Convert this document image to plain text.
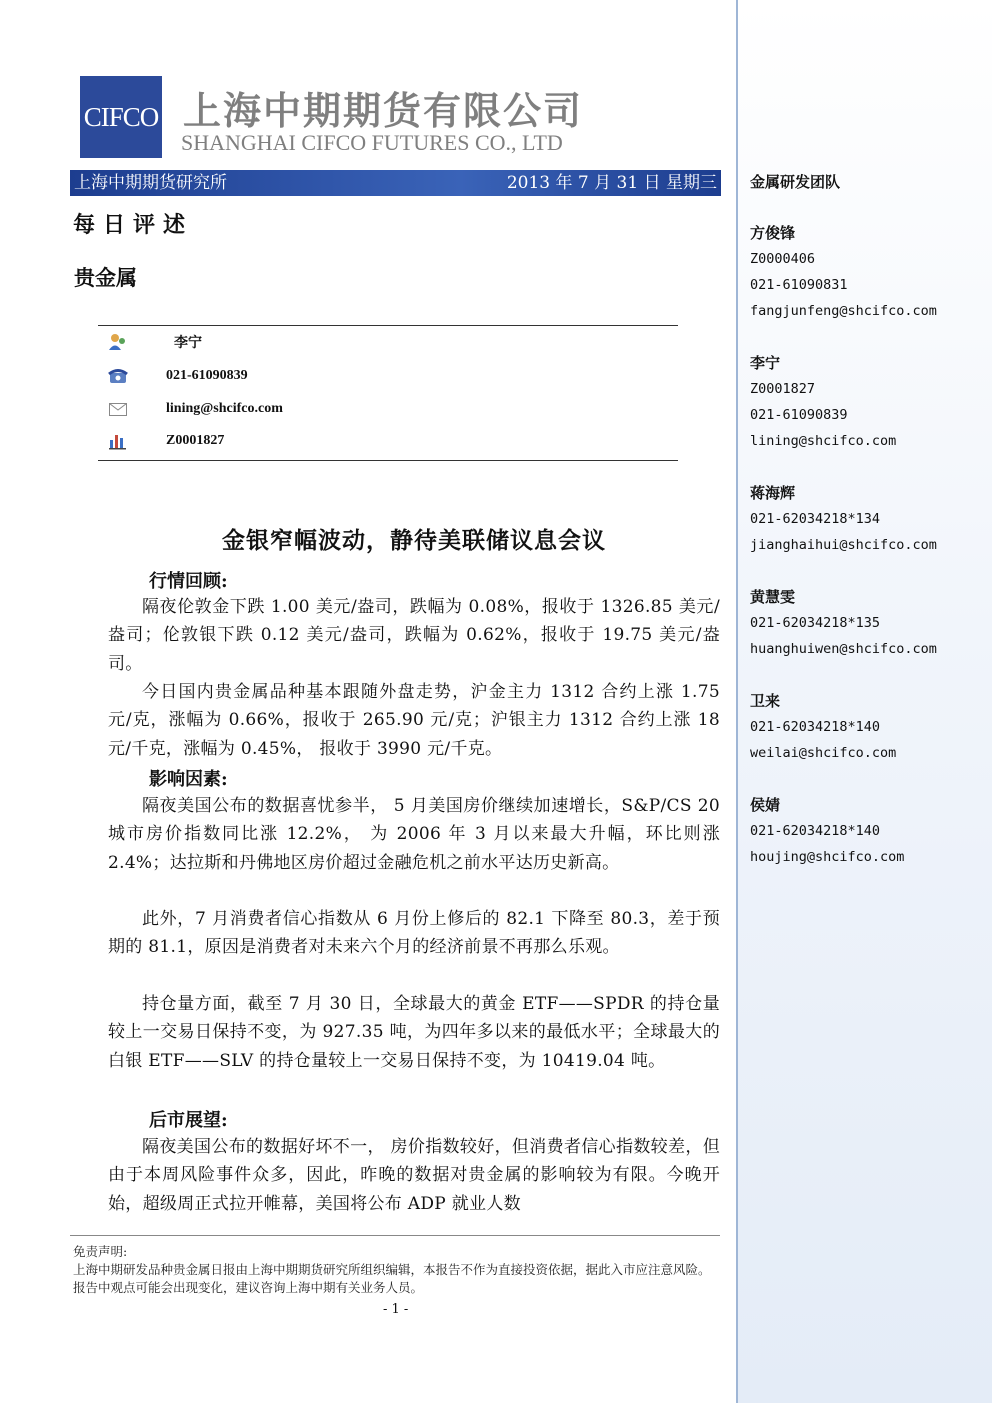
CIFCO 上海中期期货有限公司
SHANGHAI CIFCO FUTURES CO., LTD
上海中期期货研究所	2013 年 7 月 31 日 星期三
每日评述
贵金属
李宁
021-61090839
lining@shcifco.com
Z0001827
金银窄幅波动，静待美联储议息会议
行情回顾:
隔夜伦敦金下跌 1.00 美元/盎司，跌幅为 0.08%，报收于 1326.85 美元/盎司；伦敦银下跌 0.12 美元/盎司，跌幅为 0.62%，报收于 19.75 美元/盎司。
今日国内贵金属品种基本跟随外盘走势，沪金主力 1312 合约上涨 1.75 元/克，涨幅为 0.66%，报收于 265.90 元/克；沪银主力 1312 合约上涨 18 元/千克，涨幅为 0.45%， 报收于 3990 元/千克。
影响因素:
隔夜美国公布的数据喜忧参半， 5 月美国房价继续加速增长，S&P/CS 20 城市房价指数同比涨 12.2%， 为 2006 年 3 月以来最大升幅，环比则涨 2.4%；达拉斯和丹佛地区房价超过金融危机之前水平达历史新高。
此外，7 月消费者信心指数从 6 月份上修后的 82.1 下降至 80.3，差于预期的 81.1，原因是消费者对未来六个月的经济前景不再那么乐观。
持仓量方面，截至 7 月 30 日，全球最大的黄金 ETF——SPDR 的持仓量较上一交易日保持不变，为 927.35 吨，为四年多以来的最低水平；全球最大的白银 ETF——SLV 的持仓量较上一交易日保持不变，为 10419.04 吨。
后市展望:
隔夜美国公布的数据好坏不一， 房价指数较好，但消费者信心指数较差，但由于本周风险事件众多，因此，昨晚的数据对贵金属的影响较为有限。今晚开始，超级周正式拉开帷幕，美国将公布 ADP 就业人数
免责声明:
上海中期研发品种贵金属日报由上海中期期货研究所组织编辑，本报告不作为直接投资依据，据此入市应注意风险。报告中观点可能会出现变化，建议咨询上海中期有关业务人员。
- 1 -
金属研发团队
方俊锋
Z0000406
021-61090831
fangjunfeng@shcifco.com
李宁
Z0001827
021-61090839
lining@shcifco.com
蒋海辉
021-62034218*134
jianghaihui@shcifco.com
黄慧雯
021-62034218*135
huanghuiwen@shcifco.com
卫来
021-62034218*140
weilai@shcifco.com
侯婧
021-62034218*140
houjing@shcifco.com
